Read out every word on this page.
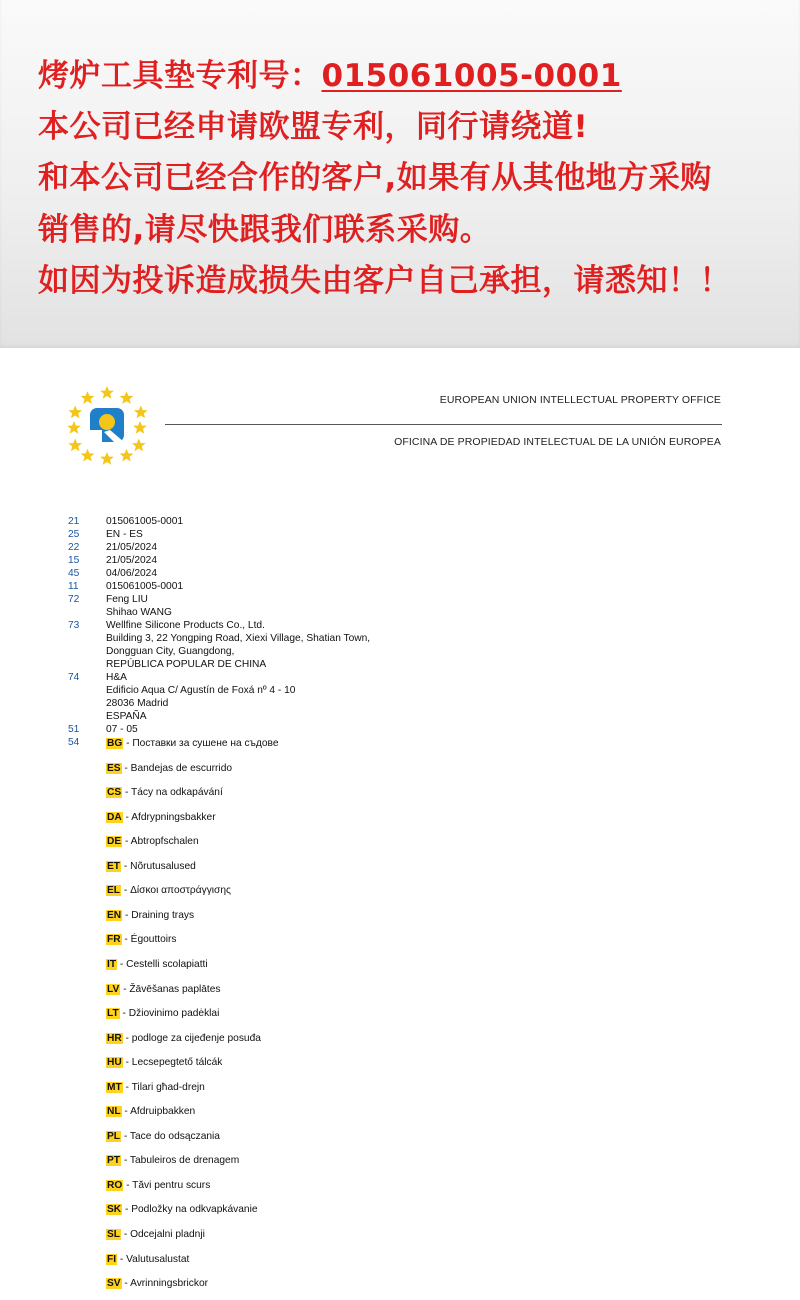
烤炉工具垫专利号：015061005-0001
本公司已经申请欧盟专利，同行请绕道!
和本公司已经合作的客户,如果有从其他地方采购
销售的,请尽快跟我们联系采购。
如因为投诉造成损失由客户自己承担，请悉知！！
EUROPEAN UNION INTELLECTUAL PROPERTY OFFICE
OFICINA DE PROPIEDAD INTELECTUAL DE LA UNIÓN EUROPEA
21	015061005-0001
25	EN - ES
22	21/05/2024
15	21/05/2024
45	04/06/2024
11	015061005-0001
72	Feng LIU
Shihao WANG
73	Wellfine Silicone Products Co., Ltd.
Building 3, 22 Yongping Road, Xiexi Village, Shatian Town,
Dongguan City, Guangdong,
REPÚBLICA POPULAR DE CHINA
74	H&A
Edificio Aqua C/ Agustín de Foxá nº 4 - 10
28036 Madrid
ESPAÑA
51	07 - 05
54	BG - Поставки за сушене на съдове
ES - Bandejas de escurrido
CS - Tácy na odkapávání
DA - Afdrypningsbakker
DE - Abtropfschalen
ET - Nõrutusalused
EL - Δίσκοι αποστράγγισης
EN - Draining trays
FR - Égouttoirs
IT - Cestelli scolapiatti
LV - Žāvēšanas paplātes
LT - Džiovinimo padėklai
HR - podloge za cijeđenje posuđa
HU - Lecsepegtető tálcák
MT - Tilari għad-drejn
NL - Afdruipbakken
PL - Tace do odsączania
PT - Tabuleiros de drenagem
RO - Tăvi pentru scurs
SK - Podložky na odkvapkávanie
SL - Odcejalni pladnji
FI - Valutusalustat
SV - Avrinningsbrickor
